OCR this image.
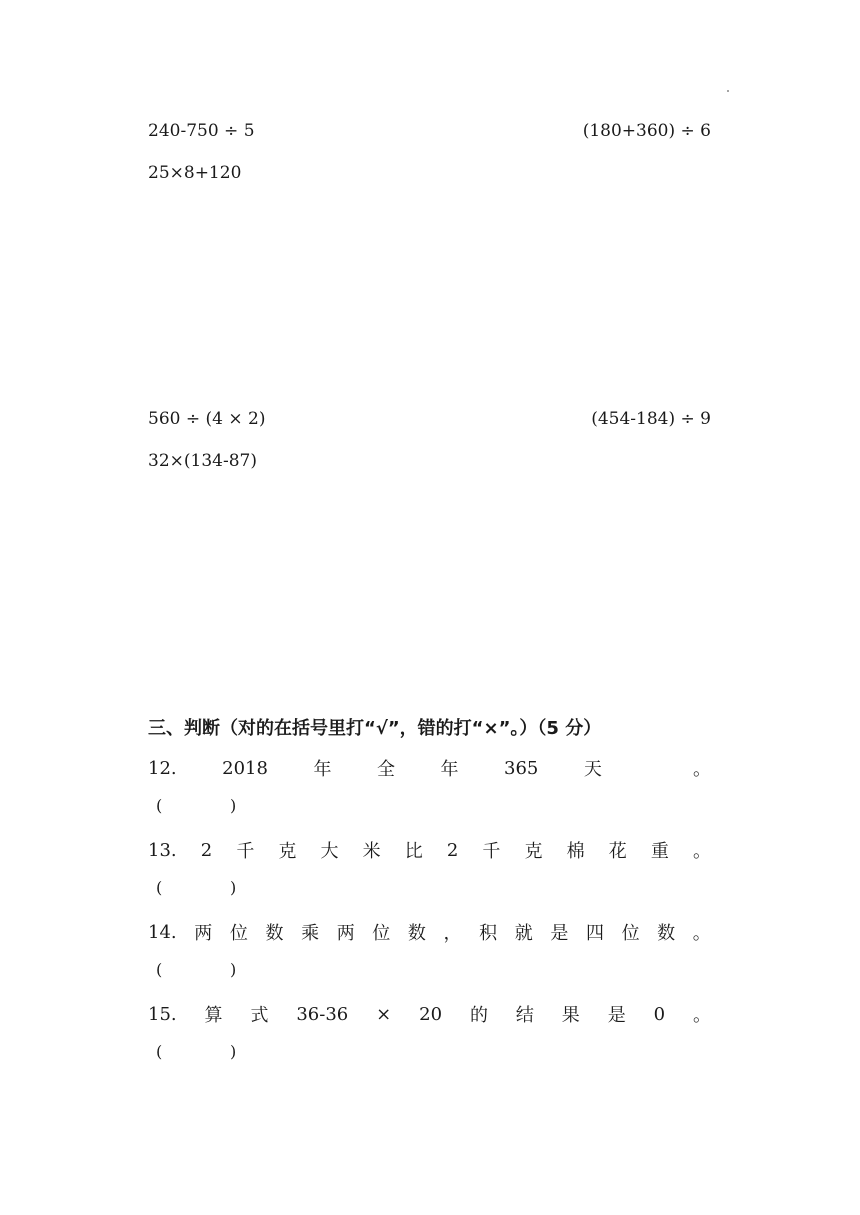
240-750 ÷ 5	(180+360) ÷ 6
25×8+120
560 ÷ (4 × 2)	(454-184) ÷ 9
32×(134-87)
三、判断（对的在括号里打“√”，错的打“×”。）（5 分）
12.	2018	年	全	年	365	天	。
(	)
13. 2 千 克 大 米 比 2 千 克 棉 花 重 。
(	)
14. 两 位 数 乘 两 位 数 ， 积 就 是 四 位 数 。
(	)
15. 算 式 36-36 × 20 的 结 果 是 0 。
(	)
